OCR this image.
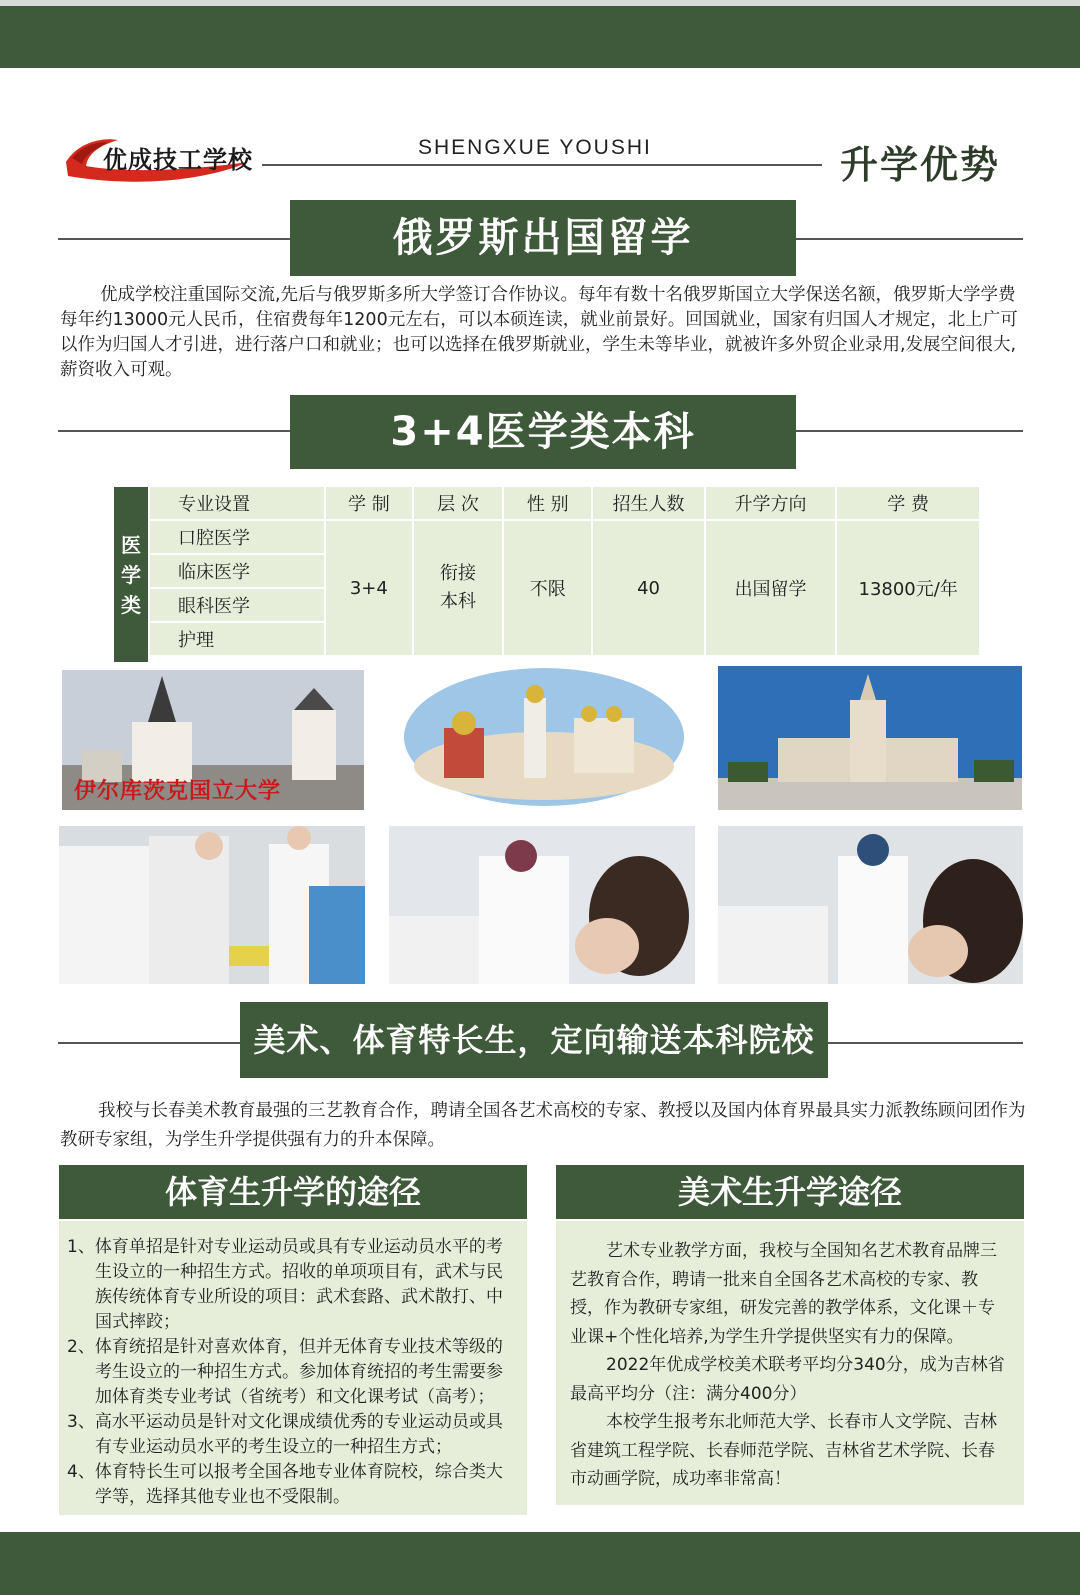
优成技工学校	SHENGXUE YOUSHI	升学优势
俄罗斯出国留学
优成学校注重国际交流,先后与俄罗斯多所大学签订合作协议。每年有数十名俄罗斯国立大学保送名额，俄罗斯大学学费每年约13000元人民币，住宿费每年1200元左右，可以本硕连读，就业前景好。回国就业，国家有归国人才规定，北上广可以作为归国人才引进，进行落户口和就业；也可以选择在俄罗斯就业，学生未等毕业，就被许多外贸企业录用,发展空间很大,薪资收入可观。
3+4医学类本科
医
学
类
专业设置	学 制	层 次	性 别	招生人数	升学方向	学 费
口腔医学	3+4	衔接本科	不限	40	出国留学	13800元/年
临床医学						
眼科医学						
护理						
伊尔库茨克国立大学
美术、体育特长生，定向输送本科院校
我校与长春美术教育最强的三艺教育合作，聘请全国各艺术高校的专家、教授以及国内体育界最具实力派教练顾问团作为教研专家组，为学生升学提供强有力的升本保障。
体育生升学的途径
1、体育单招是针对专业运动员或具有专业运动员水平的考生设立的一种招生方式。招收的单项项目有，武术与民族传统体育专业所设的项目：武术套路、武术散打、中国式摔跤；
2、体育统招是针对喜欢体育，但并无体育专业技术等级的考生设立的一种招生方式。参加体育统招的考生需要参加体育类专业考试（省统考）和文化课考试（高考）；
3、高水平运动员是针对文化课成绩优秀的专业运动员或具有专业运动员水平的考生设立的一种招生方式；
4、体育特长生可以报考全国各地专业体育院校，综合类大学等，选择其他专业也不受限制。
美术生升学途径
艺术专业教学方面，我校与全国知名艺术教育品牌三艺教育合作，聘请一批来自全国各艺术高校的专家、教授，作为教研专家组，研发完善的教学体系，文化课＋专业课+个性化培养,为学生升学提供坚实有力的保障。
2022年优成学校美术联考平均分340分，成为吉林省最高平均分（注：满分400分）
本校学生报考东北师范大学、长春市人文学院、吉林省建筑工程学院、长春师范学院、吉林省艺术学院、长春市动画学院，成功率非常高！
